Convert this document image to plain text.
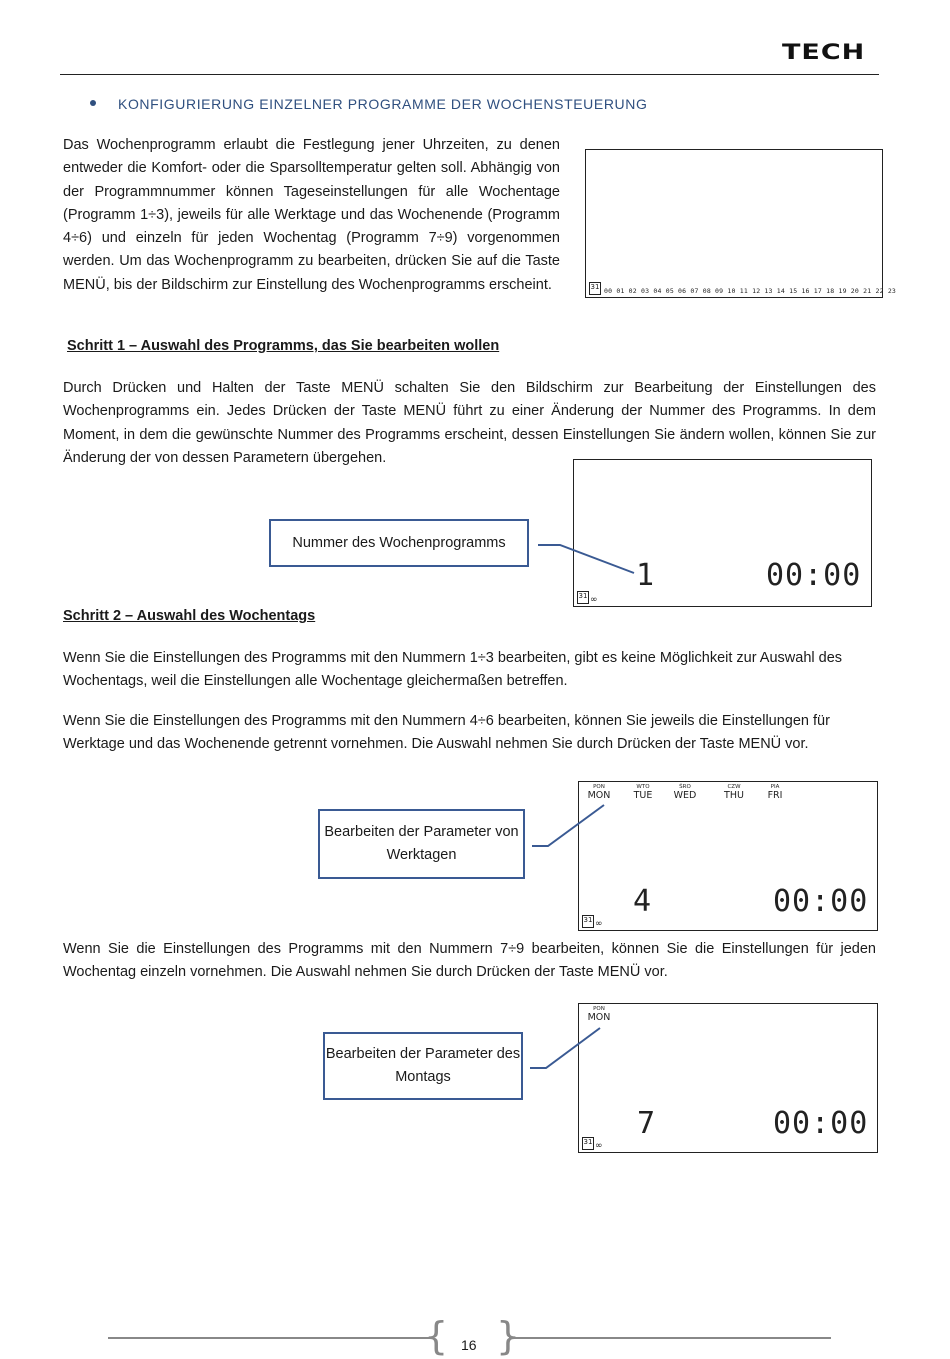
TECH
KONFIGURIERUNG EINZELNER PROGRAMME DER WOCHENSTEUERUNG
Das Wochenprogramm erlaubt die Festlegung jener Uhrzeiten, zu denen entweder die Komfort- oder die Sparsolltemperatur gelten soll. Abhängig von der Programmnummer können Tageseinstellungen für alle Wochentage (Programm 1÷3), jeweils für alle Werktage und das Wochenende (Programm 4÷6) und einzeln für jeden Wochentag (Programm 7÷9) vorgenommen werden. Um das Wochenprogramm zu bearbeiten, drücken Sie auf die Taste MENÜ, bis der Bildschirm zur Einstellung des Wochenprogramms erscheint.	31 00 01 02 03 04 05 06 07 08 09 10 11 12 13 14 15 16 17 18 19 20 21 22 23
Schritt 1 – Auswahl des Programms, das Sie bearbeiten wollen
Durch Drücken und Halten der Taste MENÜ schalten Sie den Bildschirm zur Bearbeitung der Einstellungen des Wochenprogramms ein. Jedes Drücken der Taste MENÜ führt zu einer Änderung der Nummer des Programms. In dem Moment, in dem die gewünschte Nummer des Programms erscheint, dessen Einstellungen Sie ändern wollen, können Sie zur Änderung der von dessen Parametern übergehen.
Nummer des Wochenprogramms
1	00:00
31 ∞
Schritt 2 – Auswahl des Wochentags
Wenn Sie die Einstellungen des Programms mit den Nummern 1÷3 bearbeiten, gibt es keine Möglichkeit zur Auswahl des Wochentags, weil die Einstellungen alle Wochentage gleichermaßen betreffen.
Wenn Sie die Einstellungen des Programms mit den Nummern 4÷6 bearbeiten, können Sie jeweils die Einstellungen für Werktage und das Wochenende getrennt vornehmen. Die Auswahl nehmen Sie durch Drücken der Taste MENÜ vor.
Bearbeiten der Parameter von Werktagen
PON
MON
WTO
TUE
ŚRO
WED
CZW
THU
PIA
FRI
4	00:00
31 ∞
Wenn Sie die Einstellungen des Programms mit den Nummern 7÷9 bearbeiten, können Sie die Einstellungen für jeden Wochentag einzeln vornehmen. Die Auswahl nehmen Sie durch Drücken der Taste MENÜ vor.
Bearbeiten der Parameter des Montags
PON
MON
7	00:00
31 ∞
{ }
16
